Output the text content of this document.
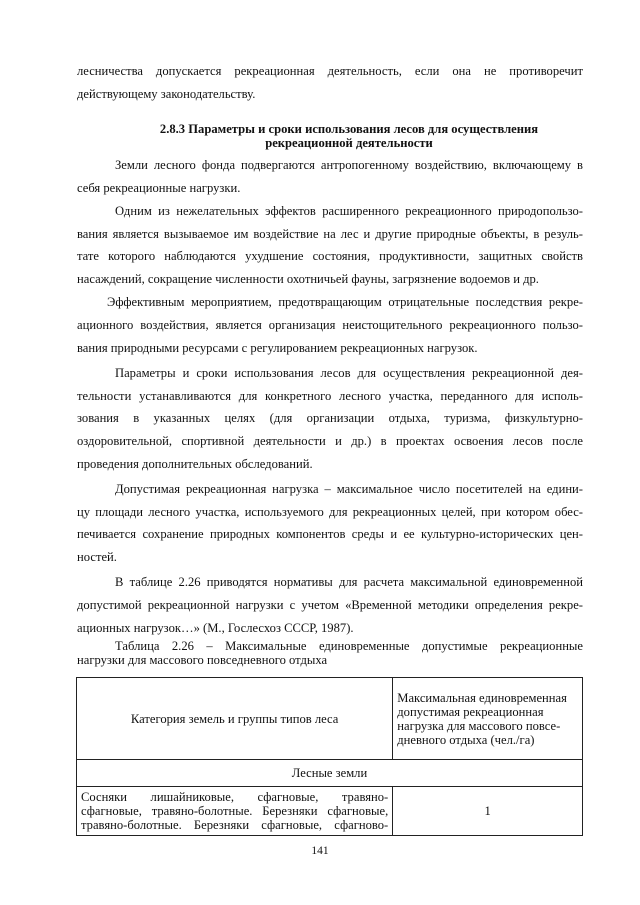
лесничества допускается рекреационная деятельность, если она не противоречит
действующему законодательству.
2.8.3 Параметры и сроки использования лесов для осуществления
рекреационной деятельности
Земли лесного фонда подвергаются антропогенному воздействию, включающему в
себя рекреационные нагрузки.
Одним из нежелательных эффектов расширенного рекреационного природопользо-
вания является вызываемое им воздействие на лес и другие природные объекты, в резуль-
тате которого наблюдаются ухудшение состояния, продуктивности, защитных свойств
насаждений, сокращение численности охотничьей фауны, загрязнение водоемов и др.
Эффективным мероприятием, предотвращающим отрицательные последствия рекре-
ационного воздействия, является организация неистощительного рекреационного пользо-
вания природными ресурсами с регулированием рекреационных нагрузок.
Параметры и сроки использования лесов для осуществления рекреационной дея-
тельности устанавливаются для конкретного лесного участка, переданного для исполь-
зования в указанных целях (для организации отдыха, туризма, физкультурно-
оздоровительной, спортивной деятельности и др.) в проектах освоения лесов после
проведения дополнительных обследований.
Допустимая рекреационная нагрузка – максимальное число посетителей на едини-
цу площади лесного участка, используемого для рекреационных целей, при котором обес-
печивается сохранение природных компонентов среды и ее культурно-исторических цен-
ностей.
В таблице 2.26 приводятся нормативы для расчета максимальной единовременной
допустимой рекреационной нагрузки с учетом «Временной методики определения рекре-
ационных нагрузок…» (М., Гослесхоз СССР, 1987).
Таблица 2.26 – Максимальные единовременные допустимые рекреационные
нагрузки для массового повседневного отдыха
Категория земель и группы типов леса	Максимальная единовременная
допустимая рекреационная
нагрузка для массового повсе-
дневного отдыха (чел./га)

Лесные земли	

Сосняки лишайниковые, сфагновые, травяно-
сфагновые, травяно-болотные. Березняки сфагновые,
травяно-болотные. Березняки сфагновые, сфагново-	1
141
